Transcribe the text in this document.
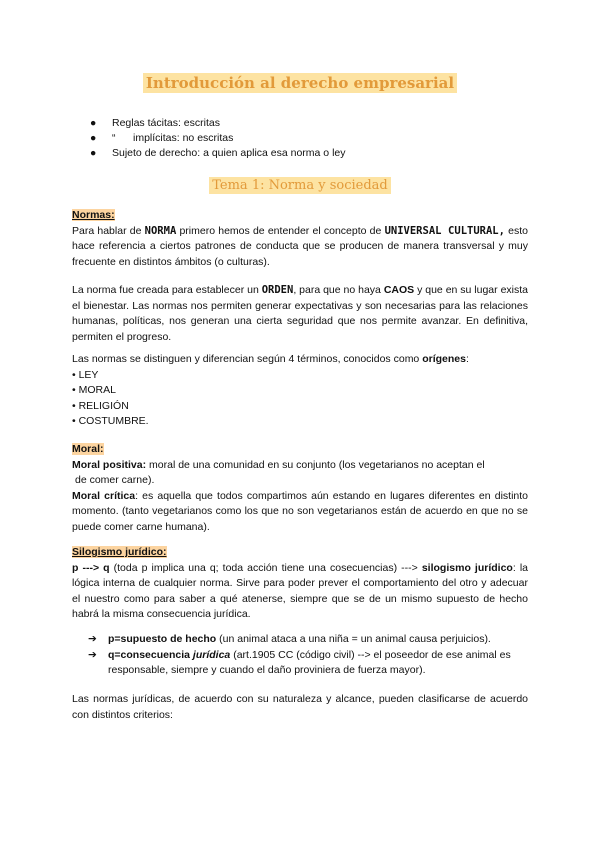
Introducción al derecho empresarial
● Reglas tácitas: escritas
● “      implícitas: no escritas
● Sujeto de derecho: a quien aplica esa norma o ley
Tema 1: Norma y sociedad

Normas:

Para hablar de NORMA primero hemos de entender el concepto de UNIVERSAL CULTURAL, esto hace referencia a ciertos patrones de conducta que se producen de manera transversal y muy frecuente en distintos ámbitos (o culturas).

La norma fue creada para establecer un ORDEN, para que no haya CAOS y que en su lugar exista el bienestar. Las normas nos permiten generar expectativas y son necesarias para las relaciones humanas, políticas, nos generan una cierta seguridad que nos permite avanzar. En definitiva, permiten el progreso.

Las normas se distinguen y diferencian según 4 términos, conocidos como orígenes:

• LEY

• MORAL

• RELIGIÓN

• COSTUMBRE.

Moral:

Moral positiva: moral de una comunidad en su conjunto (los vegetarianos no aceptan el

de comer carne).

Moral crítica: es aquella que todos compartimos aún estando en lugares diferentes en distinto momento. (tanto vegetarianos como los que no son vegetarianos están de acuerdo en que no se puede comer carne humana).

Silogismo jurídico:

p ---> q (toda p implica una q; toda acción tiene una cosecuencias) ---> silogismo jurídico: la lógica interna de cualquier norma. Sirve para poder prever el comportamiento del otro y adecuar el nuestro como para saber a qué atenerse, siempre que se de un mismo supuesto de hecho habrá la misma consecuencia jurídica.

➔ p=supuesto de hecho (un animal ataca a una niña = un animal causa perjuicios).
➔ q=consecuencia jurídica (art.1905 CC (código civil) --> el poseedor de ese animal es responsable, siempre y cuando el daño proviniera de fuerza mayor).
Las normas jurídicas, de acuerdo con su naturaleza y alcance, pueden clasificarse de acuerdo con distintos criterios:
